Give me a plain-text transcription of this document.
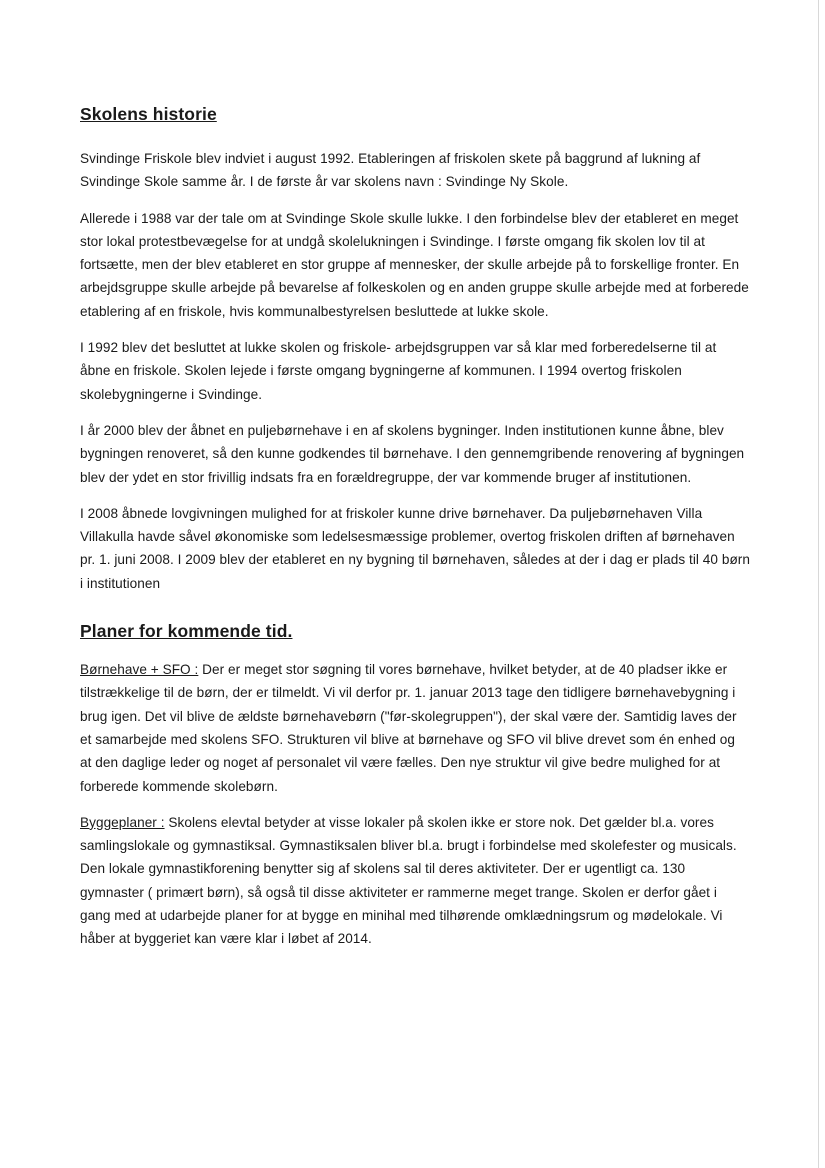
Skolens historie

Svindinge Friskole blev indviet i august 1992. Etableringen af friskolen skete på baggrund af lukning af Svindinge Skole samme år. I de første år var skolens navn : Svindinge Ny Skole.

Allerede i 1988 var der tale om at Svindinge Skole skulle lukke. I den forbindelse blev der etableret en meget stor lokal protestbevægelse for at undgå skolelukningen i Svindinge. I første omgang fik skolen lov til at fortsætte, men der blev etableret en stor gruppe af mennesker, der skulle arbejde på to forskellige fronter. En arbejdsgruppe skulle arbejde på bevarelse af folkeskolen og en anden gruppe skulle arbejde med at forberede etablering af en friskole, hvis kommunalbestyrelsen besluttede at lukke skole.

I 1992 blev det besluttet at lukke skolen og friskole- arbejdsgruppen var så klar med forberedelserne til at åbne en friskole. Skolen lejede i første omgang bygningerne af kommunen. I 1994 overtog friskolen skolebygningerne i Svindinge.

I år 2000 blev der åbnet en puljebørnehave i en af skolens bygninger. Inden institutionen kunne åbne, blev bygningen renoveret, så den kunne godkendes til børnehave. I den gennemgribende renovering af bygningen blev der ydet en stor frivillig indsats fra en forældregruppe, der var kommende bruger af institutionen.

I 2008 åbnede lovgivningen mulighed for at friskoler kunne drive børnehaver. Da puljebørnehaven Villa Villakulla havde såvel økonomiske som ledelsesmæssige problemer, overtog friskolen driften af børnehaven pr. 1. juni 2008. I 2009 blev der etableret en ny bygning til børnehaven, således at der i dag er plads til 40 børn i institutionen

Planer for kommende tid.

Børnehave + SFO : Der er meget stor søgning til vores børnehave, hvilket betyder, at de 40 pladser ikke er tilstrækkelige til de børn, der er tilmeldt. Vi vil derfor pr. 1. januar 2013 tage den tidligere børnehavebygning i brug igen. Det vil blive de ældste børnehavebørn ("før-skolegruppen"), der skal være der. Samtidig laves der et samarbejde med skolens SFO. Strukturen vil blive at børnehave og SFO vil blive drevet som én enhed og at den daglige leder og noget af personalet vil være fælles. Den nye struktur vil give bedre mulighed for at forberede kommende skolebørn.

Byggeplaner : Skolens elevtal betyder at visse lokaler på skolen ikke er store nok. Det gælder bl.a. vores samlingslokale og gymnastiksal. Gymnastiksalen bliver bl.a. brugt i forbindelse med skolefester og musicals. Den lokale gymnastikforening benytter sig af skolens sal til deres aktiviteter. Der er ugentligt ca. 130 gymnaster ( primært børn), så også til disse aktiviteter er rammerne meget trange. Skolen er derfor gået i gang med at udarbejde planer for at bygge en minihal med tilhørende omklædningsrum og mødelokale. Vi håber at byggeriet kan være klar i løbet af 2014.
